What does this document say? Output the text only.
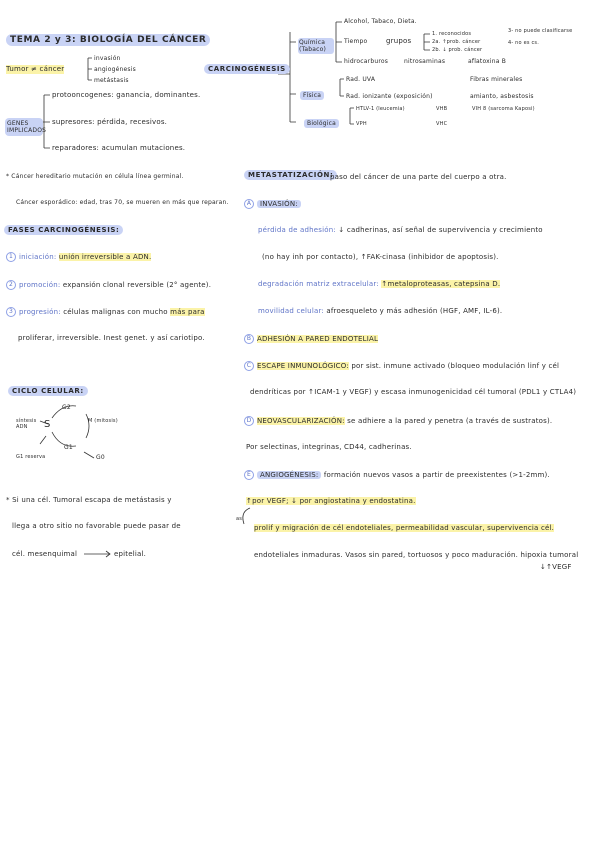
TEMA 2 y 3: BIOLOGÍA DEL CÁNCER
Tumor ≠ cáncer
invasión
angiogénesis
metástasis
GENES IMPLICADOS
protooncogenes: ganancia, dominantes.
supresores: pérdida, recesivos.
reparadores: acumulan mutaciones.
CARCINOGÉNESIS
Alcohol, Tabaco, Dieta.
Química (Tabaco)
Tiempo	grupos
1. reconocidos
2a. ↑prob. cáncer
2b. ↓ prob. cáncer
3- no puede clasificarse
4- no es cs.
hidrocarburos	nitrosaminas	aflatoxina B
Física
Rad. UVA	Fibras minerales
Rad. ionizante (exposición)	amianto, asbestosis
Biológica
HTLV-1 (leucemia)	VHB	VIH 8 (sarcoma Kaposi)
VPH	VHC
* Cáncer hereditario mutación en célula línea germinal.
Cáncer esporádico: edad, tras 70, se mueren en más que reparan.
FASES CARCINOGÉNESIS:
1 iniciación: unión irreversible a ADN.
2 promoción: expansión clonal reversible (2° agente).
3 progresión: células malignas con mucho más para
proliferar, irreversible. Inest genet. y así cariotipo.
CICLO CELULAR:
S
G2
M (mitosis)
G1
G0
síntesis ADN
G1 reserva
* Si una cél. Tumoral escapa de metástasis y
llega a otro sitio no favorable puede pasar de
cél. mesenquimal	epitelial.
METASTATIZACIÓN:
paso del cáncer de una parte del cuerpo a otra.
A INVASIÓN:
pérdida de adhesión: ↓ cadherinas, así señal de supervivencia y crecimiento
(no hay inh por contacto), ↑FAK-cinasa (inhibidor de apoptosis).
degradación matriz extracelular: ↑metaloproteasas, catepsina D.
movilidad celular: afroesqueleto y más adhesión (HGF, AMF, IL-6).
B ADHESIÓN A PARED ENDOTELIAL
C ESCAPE INMUNOLÓGICO: por sist. inmune activado (bloqueo modulación linf y cél
dendríticas por ↑ICAM-1 y VEGF) y escasa inmunogenicidad cél tumoral (PDL1 y CTLA4)
D NEOVASCULARIZACIÓN: se adhiere a la pared y penetra (a través de sustratos).
Por selectinas, integrinas, CD44, cadherinas.
E ANGIOGÉNESIS: formación nuevos vasos a partir de preexistentes (>1-2mm).
↑por VEGF; ↓ por angiostatina y endostatina.
así
prolif y migración de cél endoteliales, permeabilidad vascular, supervivencia cél.
endoteliales inmaduras. Vasos sin pared, tortuosos y poco maduración. hipoxia tumoral
↓↑VEGF
